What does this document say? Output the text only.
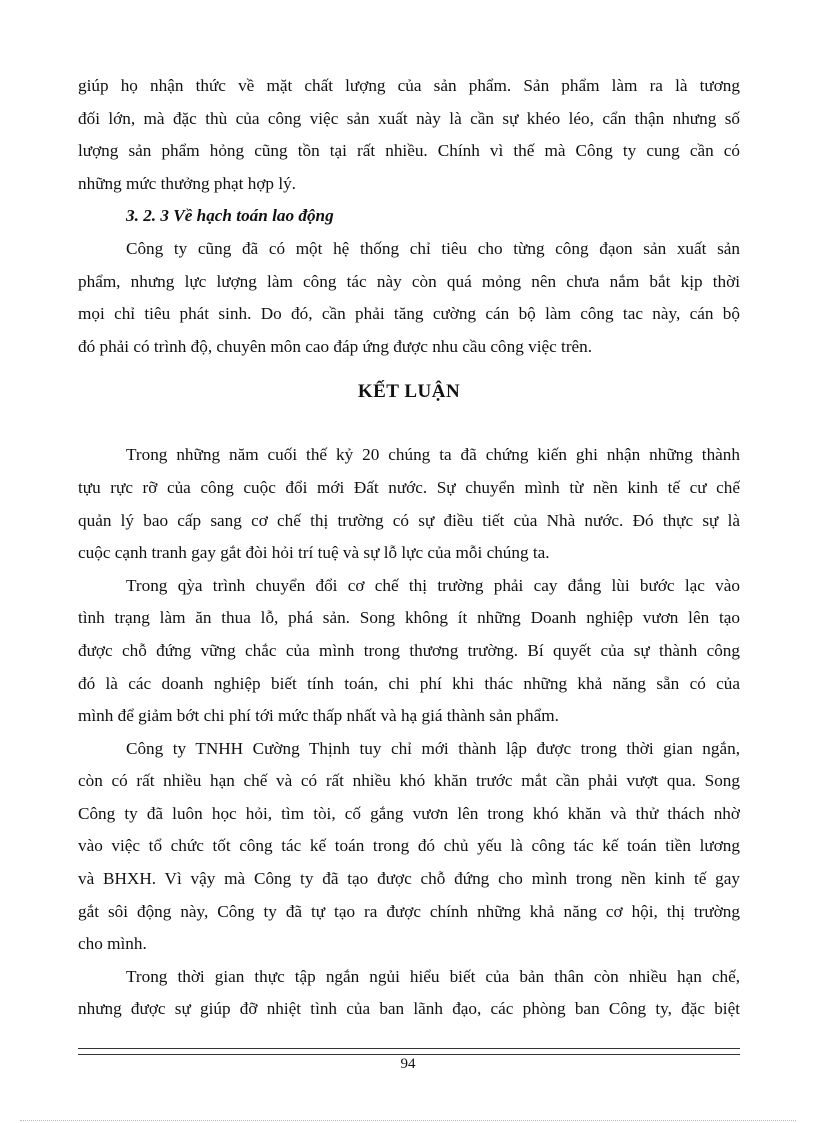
giúp họ nhận thức về mặt chất lượng của sản phẩm. Sản phẩm làm ra là tương
đối lớn, mà đặc thù của công việc sản xuất này là cần sự khéo léo, cẩn thận nhưng số
lượng sản phẩm hỏng cũng tồn tại rất nhiều. Chính vì thế mà Công ty cung cần có
những mức thưởng phạt hợp lý.
3. 2. 3 Về hạch toán lao động
Công ty cũng đã có một hệ thống chỉ tiêu cho từng công đạon sản xuất sản
phẩm, nhưng lực lượng làm công tác này còn quá mỏng nên chưa nắm bắt kịp thời
mọi chỉ tiêu phát sinh. Do đó, cần phải tăng cường cán bộ làm công tac này, cán bộ
đó phải có trình độ, chuyên môn cao đáp ứng được nhu cầu công việc trên.
KẾT LUẬN
Trong những năm cuối thế kỷ 20 chúng ta đã chứng kiến ghi nhận những thành
tựu rực rỡ của công cuộc đổi mới Đất nước. Sự chuyển mình từ nền kinh tế cư chế
quản lý bao cấp sang cơ chế thị trường có sự điều tiết của Nhà nước. Đó thực sự là
cuộc cạnh tranh gay gắt đòi hỏi trí tuệ và sự lỗ lực của mỗi chúng ta.
Trong qỳa trình chuyển đổi cơ chế thị trường phải cay đắng lùi bước lạc vào
tình trạng làm ăn thua lỗ, phá sản. Song không ít những Doanh nghiệp vươn lên tạo
được chỗ đứng vững chắc của mình trong thương trường. Bí quyết của sự thành công
đó là các doanh nghiệp biết tính toán, chi phí khi thác những khả năng sẵn có của
mình để giảm bớt chi phí tới mức thấp nhất và hạ giá thành sản phẩm.
Công ty TNHH Cường Thịnh tuy chỉ mới thành lập được trong thời gian ngắn,
còn có rất nhiều hạn chế và có rất nhiều khó khăn trước mắt cần phải vượt qua. Song
Công ty đã luôn học hỏi, tìm tòi, cố gắng vươn lên trong khó khăn và thử thách nhờ
vào việc tổ chức tốt công tác kế toán trong đó chủ yếu là công tác kế toán tiền lương
và BHXH. Vì vậy mà Công ty đã tạo được chỗ đứng cho mình trong nền kinh tế gay
gắt sôi động này, Công ty đã tự tạo ra được chính những khả năng cơ hội, thị trường
cho mình.
Trong thời gian thực tập ngắn ngủi hiểu biết của bản thân còn nhiều hạn chế,
nhưng được sự giúp đỡ nhiệt tình của ban lãnh đạo, các phòng ban Công ty, đặc biệt
94
